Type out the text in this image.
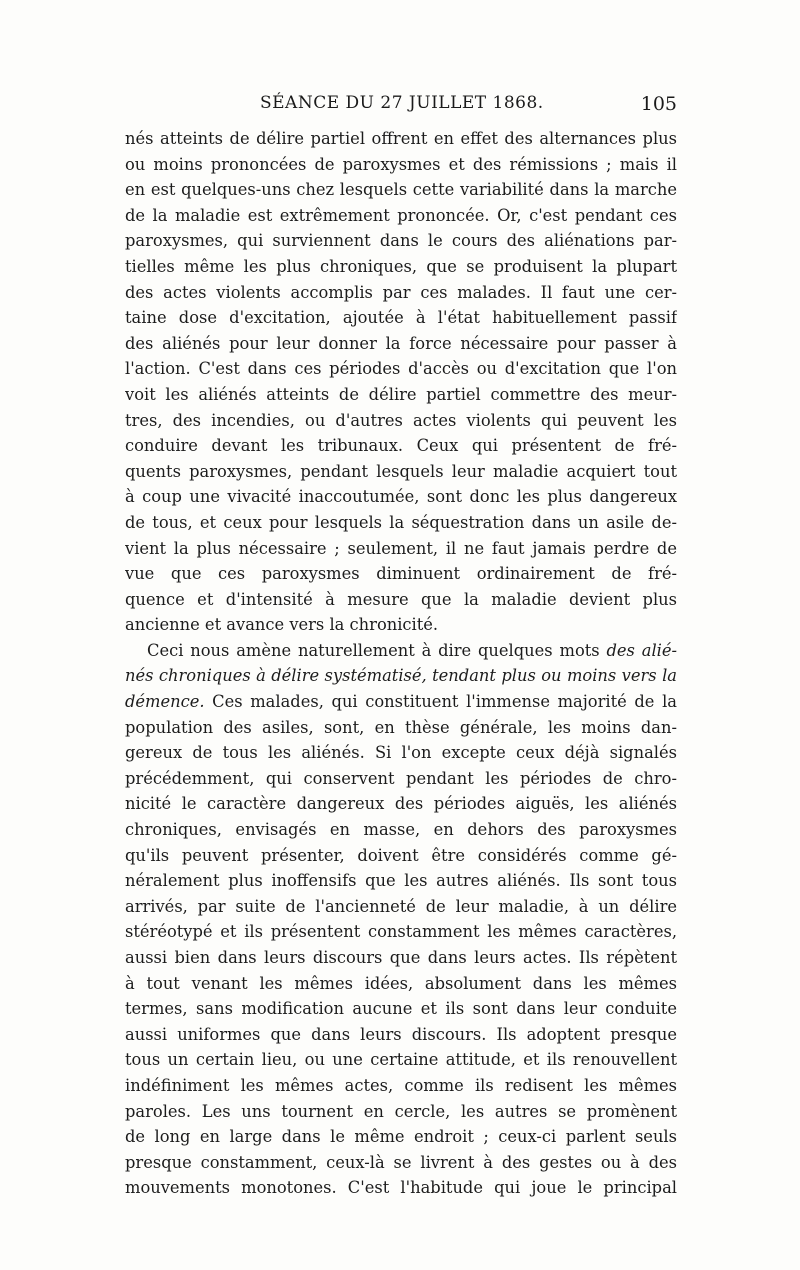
SÉANCE DU 27 JUILLET 1868.	105
nés atteints de délire partiel offrent en effet des alternances plus
ou moins prononcées de paroxysmes et des rémissions ; mais il
en est quelques-uns chez lesquels cette variabilité dans la marche
de la maladie est extrêmement prononcée. Or, c'est pendant ces
paroxysmes, qui surviennent dans le cours des aliénations par-
tielles même les plus chroniques, que se produisent la plupart
des actes violents accomplis par ces malades. Il faut une cer-
taine dose d'excitation, ajoutée à l'état habituellement passif
des aliénés pour leur donner la force nécessaire pour passer à
l'action. C'est dans ces périodes d'accès ou d'excitation que l'on
voit les aliénés atteints de délire partiel commettre des meur-
tres, des incendies, ou d'autres actes violents qui peuvent les
conduire devant les tribunaux. Ceux qui présentent de fré-
quents paroxysmes, pendant lesquels leur maladie acquiert tout
à coup une vivacité inaccoutumée, sont donc les plus dangereux
de tous, et ceux pour lesquels la séquestration dans un asile de-
vient la plus nécessaire ; seulement, il ne faut jamais perdre de
vue que ces paroxysmes diminuent ordinairement de fré-
quence et d'intensité à mesure que la maladie devient plus
ancienne et avance vers la chronicité.
Ceci nous amène naturellement à dire quelques mots des alié-
nés chroniques à délire systématisé, tendant plus ou moins vers la
démence. Ces malades, qui constituent l'immense majorité de la
population des asiles, sont, en thèse générale, les moins dan-
gereux de tous les aliénés. Si l'on excepte ceux déjà signalés
précédemment, qui conservent pendant les périodes de chro-
nicité le caractère dangereux des périodes aiguës, les aliénés
chroniques, envisagés en masse, en dehors des paroxysmes
qu'ils peuvent présenter, doivent être considérés comme gé-
néralement plus inoffensifs que les autres aliénés. Ils sont tous
arrivés, par suite de l'ancienneté de leur maladie, à un délire
stéréotypé et ils présentent constamment les mêmes caractères,
aussi bien dans leurs discours que dans leurs actes. Ils répètent
à tout venant les mêmes idées, absolument dans les mêmes
termes, sans modification aucune et ils sont dans leur conduite
aussi uniformes que dans leurs discours. Ils adoptent presque
tous un certain lieu, ou une certaine attitude, et ils renouvellent
indéfiniment les mêmes actes, comme ils redisent les mêmes
paroles. Les uns tournent en cercle, les autres se promènent
de long en large dans le même endroit ; ceux-ci parlent seuls
presque constamment, ceux-là se livrent à des gestes ou à des
mouvements monotones. C'est l'habitude qui joue le principal
